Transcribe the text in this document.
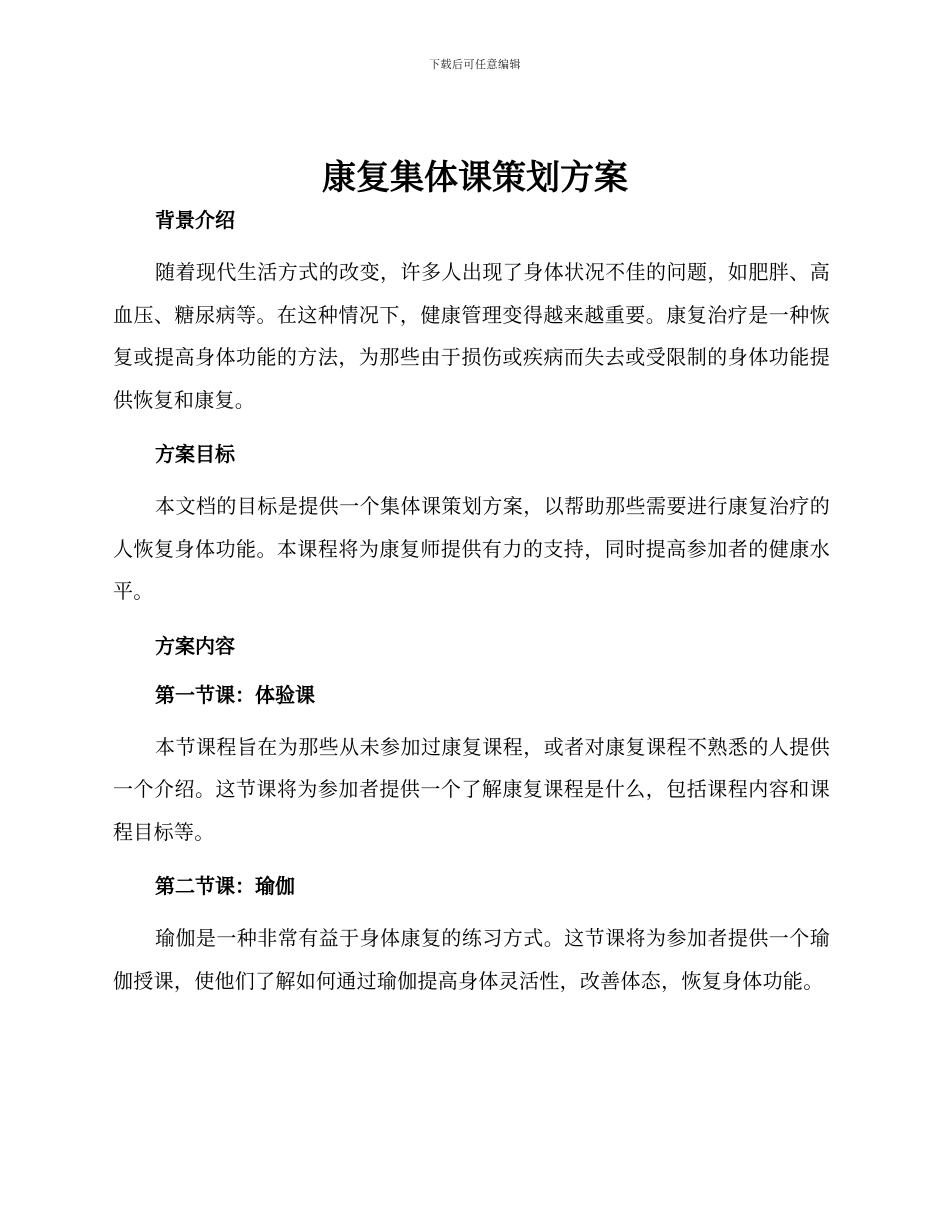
下载后可任意编辑
康复集体课策划方案
背景介绍

随着现代生活方式的改变，许多人出现了身体状况不佳的问题，如肥胖、高血压、糖尿病等。在这种情况下，健康管理变得越来越重要。康复治疗是一种恢复或提高身体功能的方法，为那些由于损伤或疾病而失去或受限制的身体功能提供恢复和康复。

方案目标

本文档的目标是提供一个集体课策划方案，以帮助那些需要进行康复治疗的人恢复身体功能。本课程将为康复师提供有力的支持，同时提高参加者的健康水平。

方案内容
第一节课：体验课

本节课程旨在为那些从未参加过康复课程，或者对康复课程不熟悉的人提供一个介绍。这节课将为参加者提供一个了解康复课程是什么，包括课程内容和课程目标等。

第二节课：瑜伽

瑜伽是一种非常有益于身体康复的练习方式。这节课将为参加者提供一个瑜伽授课，使他们了解如何通过瑜伽提高身体灵活性，改善体态，恢复身体功能。
